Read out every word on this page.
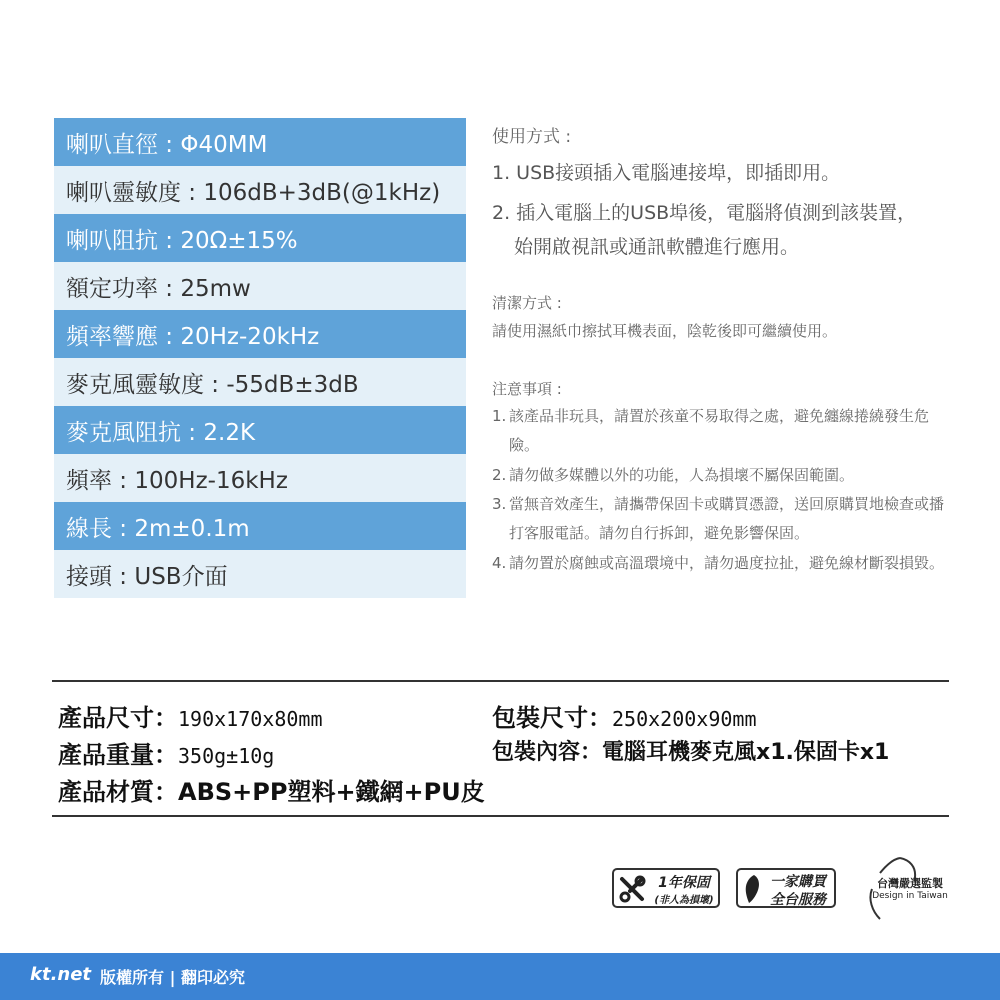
喇叭直徑 : Φ40MM
喇叭靈敏度 : 106dB+3dB(@1kHz)
喇叭阻抗 : 20Ω±15%
額定功率 : 25mw
頻率響應 : 20Hz-20kHz
麥克風靈敏度 : -55dB±3dB
麥克風阻抗 : 2.2K
頻率 : 100Hz-16kHz
線長 : 2m±0.1m
接頭 : USB介面
使用方式 :
1. USB接頭插入電腦連接埠，即插即用。
2. 插入電腦上的USB埠後，電腦將偵測到該裝置，
始開啟視訊或通訊軟體進行應用。
清潔方式 :
請使用濕紙巾擦拭耳機表面，陰乾後即可繼續使用。
注意事項 :
1. 該產品非玩具，請置於孩童不易取得之處，避免纏線捲繞發生危險。
2. 請勿做多媒體以外的功能，人為損壞不屬保固範圍。
3. 當無音效產生，請攜帶保固卡或購買憑證，送回原購買地檢查或播打客服電話。請勿自行拆卸，避免影響保固。
4. 請勿置於腐蝕或高溫環境中，請勿過度拉扯，避免線材斷裂損毀。
產品尺寸：190x170x80mm
產品重量：350g±10g
產品材質：ABS+PP塑料+鐵網+PU皮
包裝尺寸：250x200x90mm
包裝內容：電腦耳機麥克風x1.保固卡x1
1年保固
(非人為損壞)
一家購買
全台服務
台灣嚴選監製
Design in Taiwan
kt.net 版權所有 | 翻印必究
